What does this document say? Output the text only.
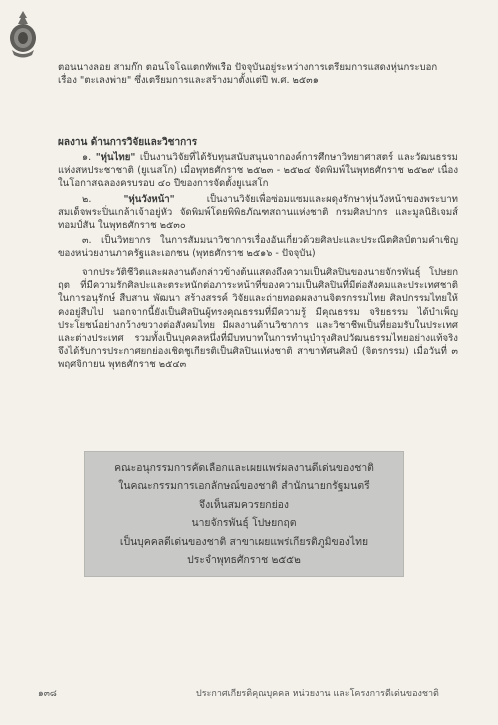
ตอนนางลอย สามก๊ก ตอนโจโฉแตกทัพเรือ ปัจจุบันอยู่ระหว่างการเตรียมการแสดงหุ่นกระบอก
เรื่อง "ตะเลงพ่าย" ซึ่งเตรียมการและสร้างมาตั้งแต่ปี พ.ศ. ๒๕๓๑
ผลงาน ด้านการวิจัยและวิชาการ

๑. "หุ่นไทย" เป็นงานวิจัยที่ได้รับทุนสนับสนุนจากองค์การศึกษาวิทยาศาสตร์ และวัฒนธรรมแห่งสหประชาชาติ (ยูเนสโก) เมื่อพุทธศักราช ๒๕๒๓ - ๒๕๒๔ จัดพิมพ์ในพุทธศักราช ๒๕๒๙ เนื่องในโอกาสฉลองครบรอบ ๔๐ ปีของการจัดตั้งยูเนสโก

๒.	"หุ่นวังหน้า" เป็นงานวิจัยเพื่อซ่อมแซมและผดุงรักษาหุ่นวังหน้าของพระบาทสมเด็จพระปิ่นเกล้าเจ้าอยู่หัว จัดพิมพ์โดยพิพิธภัณฑสถานแห่งชาติ กรมศิลปากร และมูลนิธิเจมส์ทอมป์สัน ในพุทธศักราช ๒๕๓๐

๓. เป็นวิทยากร ในการสัมมนาวิชาการเรื่องอันเกี่ยวด้วยศิลปะและประณีตศิลป์ตามคำเชิญของหน่วยงานภาครัฐและเอกชน (พุทธศักราช ๒๕๑๖ - ปัจจุบัน)

จากประวัติชีวิตและผลงานดังกล่าวข้างต้นแสดงถึงความเป็นศิลปินของนายจักรพันธุ์ โปษยกฤต ที่มีความรักศิลปะและตระหนักต่อภาระหน้าที่ของความเป็นศิลปินที่มีต่อสังคมและประเทศชาติ ในการอนุรักษ์ สืบสาน พัฒนา สร้างสรรค์ วิจัยและถ่ายทอดผลงานจิตรกรรมไทย ศิลปกรรมไทยให้คงอยู่สืบไป นอกจากนี้ยังเป็นศิลปินผู้ทรงคุณธรรมที่มีความรู้ มีคุณธรรม จริยธรรม ได้บำเพ็ญประโยชน์อย่างกว้างขวางต่อสังคมไทย มีผลงานด้านวิชาการ และวิชาชีพเป็นที่ยอมรับในประเทศและต่างประเทศ รวมทั้งเป็นบุคคลหนึ่งที่มีบทบาทในการทำนุบำรุงศิลปวัฒนธรรมไทยอย่างแท้จริง จึงได้รับการประกาศยกย่องเชิดชูเกียรติเป็นศิลปินแห่งชาติ สาขาทัศนศิลป์ (จิตรกรรม) เมื่อวันที่ ๓ พฤศจิกายน พุทธศักราช ๒๕๔๓
คณะอนุกรรมการคัดเลือกและเผยแพร่ผลงานดีเด่นของชาติ
ในคณะกรรมการเอกลักษณ์ของชาติ สำนักนายกรัฐมนตรี
จึงเห็นสมควรยกย่อง
นายจักรพันธุ์ โปษยกฤต
เป็นบุคคลดีเด่นของชาติ สาขาเผยแพร่เกียรติภูมิของไทย
ประจำพุทธศักราช ๒๕๕๒
๑๓๘	ประกาศเกียรติคุณบุคคล หน่วยงาน และโครงการดีเด่นของชาติ
